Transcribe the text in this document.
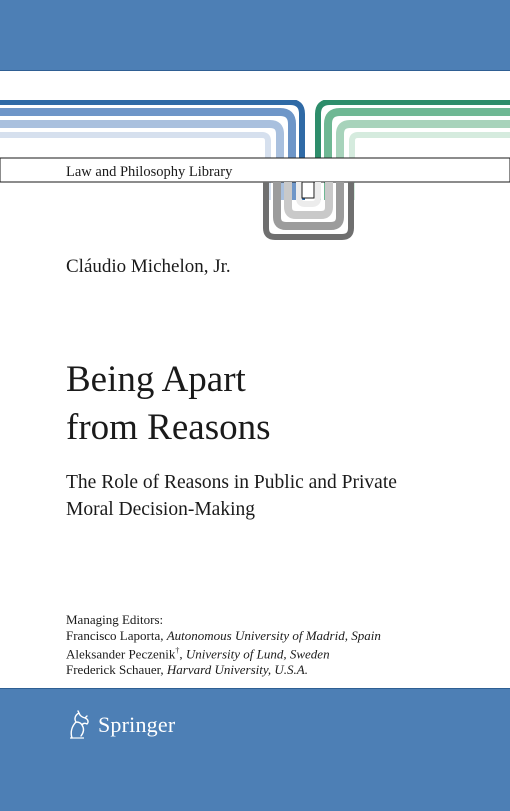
Law and Philosophy Library
Cláudio Michelon, Jr.
Being Apart
from Reasons
The Role of Reasons in Public and Private
Moral Decision-Making
Managing Editors:
Francisco Laporta, Autonomous University of Madrid, Spain
Aleksander Peczenik†, University of Lund, Sweden
Frederick Schauer, Harvard University, U.S.A.
Springer
